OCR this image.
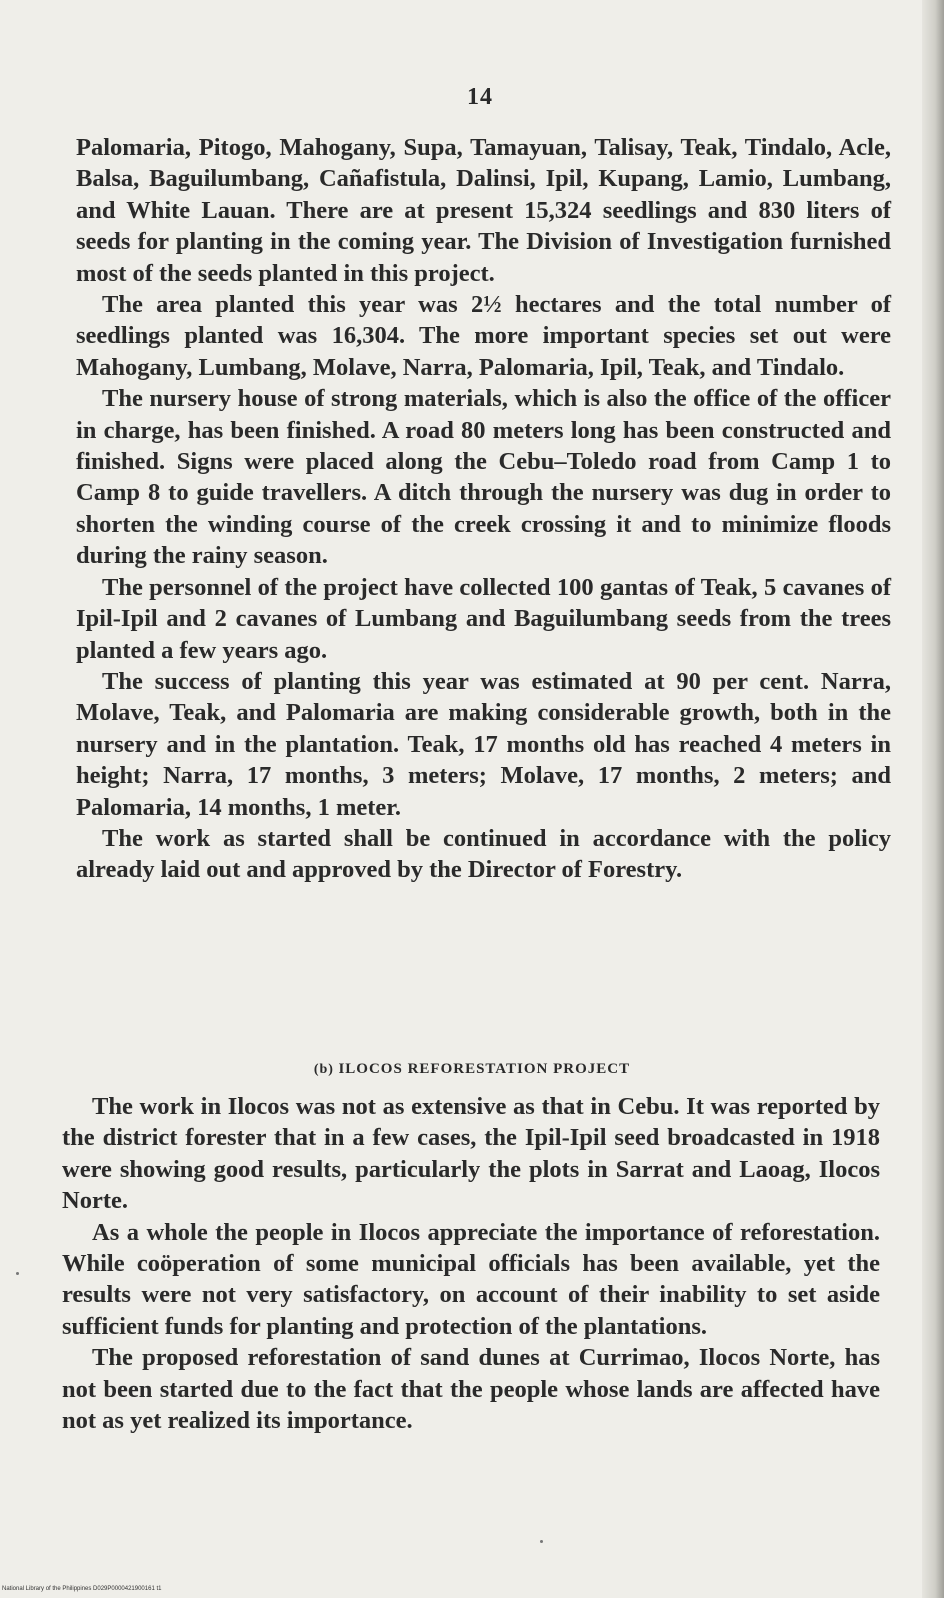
14

Palomaria, Pitogo, Mahogany, Supa, Tamayuan, Talisay, Teak, Tindalo, Acle, Balsa, Baguilumbang, Cañafistula, Dalinsi, Ipil, Kupang, Lamio, Lumbang, and White Lauan. There are at present 15,324 seedlings and 830 liters of seeds for planting in the coming year. The Division of Investigation furnished most of the seeds planted in this project.

The area planted this year was 2½ hectares and the total number of seedlings planted was 16,304. The more important species set out were Mahogany, Lumbang, Molave, Narra, Palomaria, Ipil, Teak, and Tindalo.

The nursery house of strong materials, which is also the office of the officer in charge, has been finished. A road 80 meters long has been constructed and finished. Signs were placed along the Cebu–Toledo road from Camp 1 to Camp 8 to guide travellers. A ditch through the nursery was dug in order to shorten the winding course of the creek crossing it and to minimize floods during the rainy season.

The personnel of the project have collected 100 gantas of Teak, 5 cavanes of Ipil-Ipil and 2 cavanes of Lumbang and Baguilumbang seeds from the trees planted a few years ago.

The success of planting this year was estimated at 90 per cent. Narra, Molave, Teak, and Palomaria are making considerable growth, both in the nursery and in the plantation. Teak, 17 months old has reached 4 meters in height; Narra, 17 months, 3 meters; Molave, 17 months, 2 meters; and Palomaria, 14 months, 1 meter.

The work as started shall be continued in accordance with the policy already laid out and approved by the Director of Forestry.

(b) ILOCOS REFORESTATION PROJECT

The work in Ilocos was not as extensive as that in Cebu. It was reported by the district forester that in a few cases, the Ipil-Ipil seed broadcasted in 1918 were showing good results, particularly the plots in Sarrat and Laoag, Ilocos Norte.

As a whole the people in Ilocos appreciate the importance of reforestation. While coöperation of some municipal officials has been available, yet the results were not very satisfactory, on account of their inability to set aside sufficient funds for planting and protection of the plantations.

The proposed reforestation of sand dunes at Currimao, Ilocos Norte, has not been started due to the fact that the people whose lands are affected have not as yet realized its importance.

National Library of the Philippines D029P0000421900161 t1
